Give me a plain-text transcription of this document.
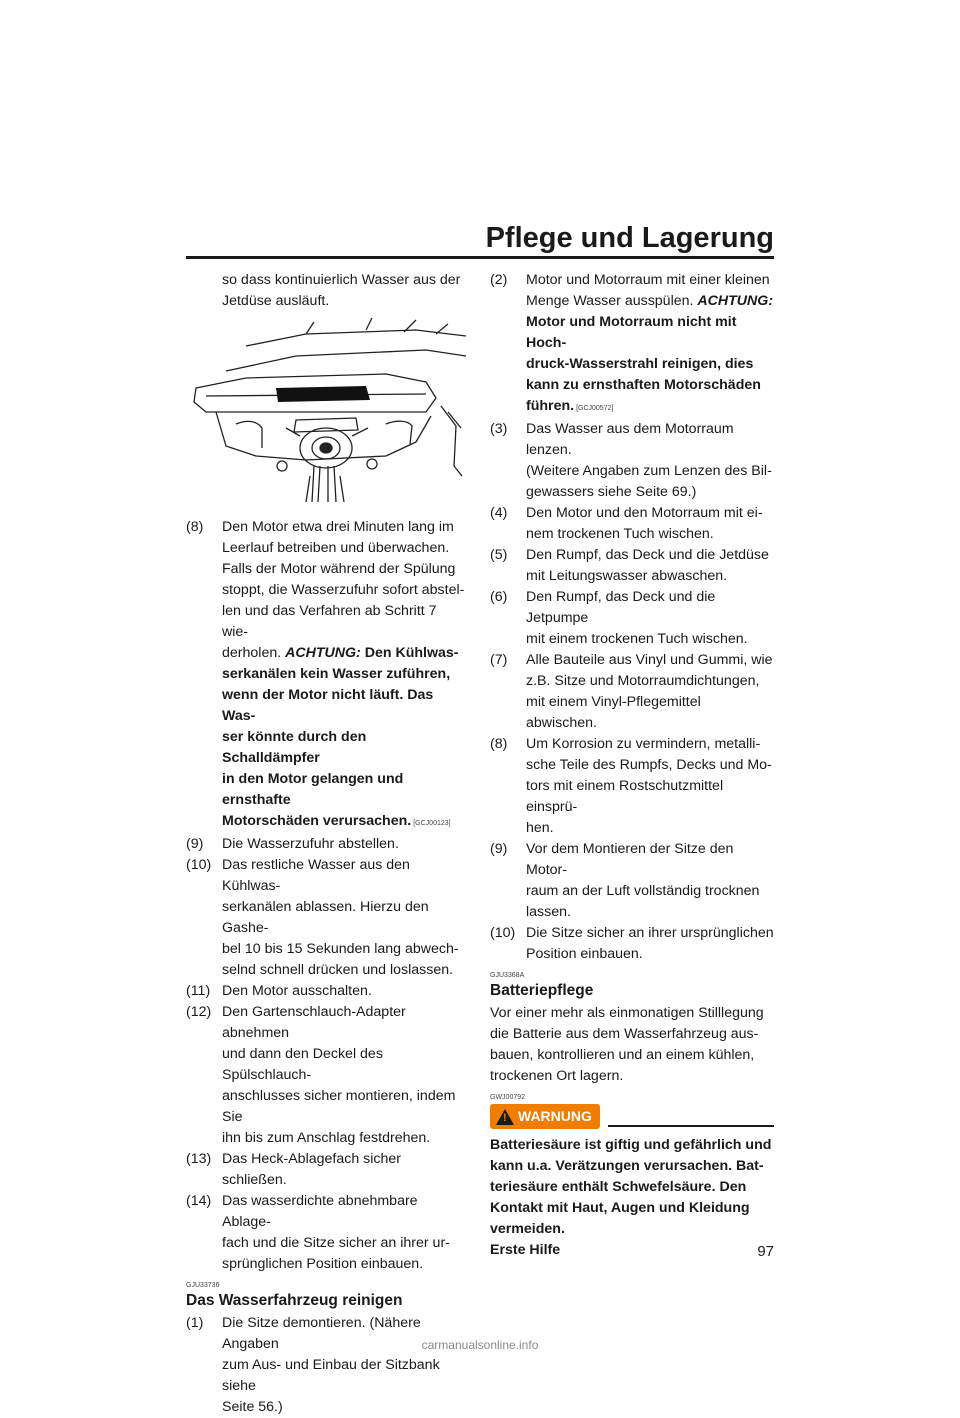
Pflege und Lagerung
so dass kontinuierlich Wasser aus der
Jetdüse ausläuft.
(8) Den Motor etwa drei Minuten lang im
Leerlauf betreiben und überwachen.
Falls der Motor während der Spülung
stoppt, die Wasserzufuhr sofort abstel-
len und das Verfahren ab Schritt 7 wie-
derholen. ACHTUNG: Den Kühlwas-
serkanälen kein Wasser zuführen,
wenn der Motor nicht läuft. Das Was-
ser könnte durch den Schalldämpfer
in den Motor gelangen und ernsthafte
Motorschäden verursachen. [GCJ00123]
(9) Die Wasserzufuhr abstellen.
(10) Das restliche Wasser aus den Kühlwas-
serkanälen ablassen. Hierzu den Gashe-
bel 10 bis 15 Sekunden lang abwech-
selnd schnell drücken und loslassen.
(11) Den Motor ausschalten.
(12) Den Gartenschlauch-Adapter abnehmen
und dann den Deckel des Spülschlauch-
anschlusses sicher montieren, indem Sie
ihn bis zum Anschlag festdrehen.
(13) Das Heck-Ablagefach sicher schließen.
(14) Das wasserdichte abnehmbare Ablage-
fach und die Sitze sicher an ihrer ur-
sprünglichen Position einbauen.
GJU33736
Das Wasserfahrzeug reinigen
(1) Die Sitze demontieren. (Nähere Angaben
zum Aus- und Einbau der Sitzbank siehe
Seite 56.)
(2) Motor und Motorraum mit einer kleinen
Menge Wasser ausspülen. ACHTUNG:
Motor und Motorraum nicht mit Hoch-
druck-Wasserstrahl reinigen, dies
kann zu ernsthaften Motorschäden
führen. [GCJ00572]
(3) Das Wasser aus dem Motorraum lenzen.
(Weitere Angaben zum Lenzen des Bil-
gewassers siehe Seite 69.)
(4) Den Motor und den Motorraum mit ei-
nem trockenen Tuch wischen.
(5) Den Rumpf, das Deck und die Jetdüse
mit Leitungswasser abwaschen.
(6) Den Rumpf, das Deck und die Jetpumpe
mit einem trockenen Tuch wischen.
(7) Alle Bauteile aus Vinyl und Gummi, wie
z.B. Sitze und Motorraumdichtungen,
mit einem Vinyl-Pflegemittel abwischen.
(8) Um Korrosion zu vermindern, metalli-
sche Teile des Rumpfs, Decks und Mo-
tors mit einem Rostschutzmittel einsprü-
hen.
(9) Vor dem Montieren der Sitze den Motor-
raum an der Luft vollständig trocknen
lassen.
(10) Die Sitze sicher an ihrer ursprünglichen
Position einbauen.
GJU3368A
Batteriepflege
Vor einer mehr als einmonatigen Stilllegung
die Batterie aus dem Wasserfahrzeug aus-
bauen, kontrollieren und an einem kühlen,
trockenen Ort lagern.
GWJ00792
! WARNUNG
Batteriesäure ist giftig und gefährlich und
kann u.a. Verätzungen verursachen. Bat-
teriesäure enthält Schwefelsäure. Den
Kontakt mit Haut, Augen und Kleidung
vermeiden.
Erste Hilfe	97

carmanualsonline.info
